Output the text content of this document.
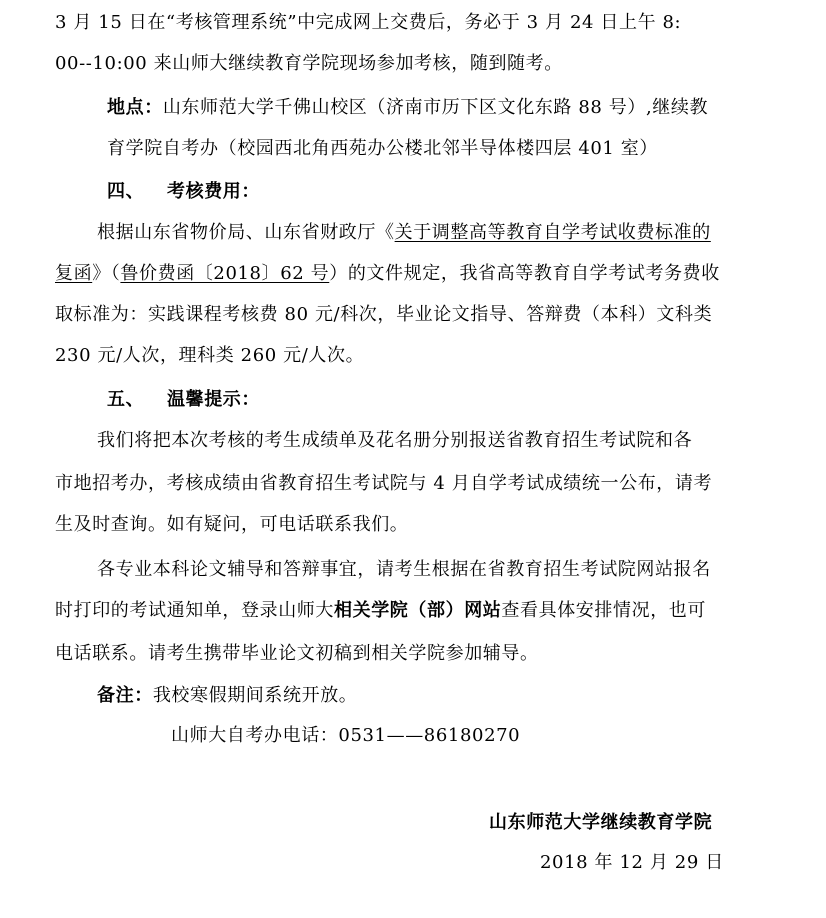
3 月 15 日在“考核管理系统”中完成网上交费后，务必于 3 月 24 日上午 8:
00--10:00 来山师大继续教育学院现场参加考核，随到随考。
地点：山东师范大学千佛山校区（济南市历下区文化东路 88 号）,继续教
育学院自考办（校园西北角西苑办公楼北邻半导体楼四层 401 室）
四、 考核费用：
根据山东省物价局、山东省财政厅《关于调整高等教育自学考试收费标准的
复函》（鲁价费函〔2018〕62 号）的文件规定，我省高等教育自学考试考务费收
取标准为：实践课程考核费 80 元/科次，毕业论文指导、答辩费（本科）文科类
230 元/人次，理科类 260 元/人次。
五、 温馨提示：
我们将把本次考核的考生成绩单及花名册分别报送省教育招生考试院和各
市地招考办，考核成绩由省教育招生考试院与 4 月自学考试成绩统一公布，请考
生及时查询。如有疑问，可电话联系我们。
各专业本科论文辅导和答辩事宜，请考生根据在省教育招生考试院网站报名
时打印的考试通知单，登录山师大相关学院（部）网站查看具体安排情况，也可
电话联系。请考生携带毕业论文初稿到相关学院参加辅导。
备注：我校寒假期间系统开放。
山师大自考办电话：0531——86180270
山东师范大学继续教育学院
2018 年 12 月 29 日
